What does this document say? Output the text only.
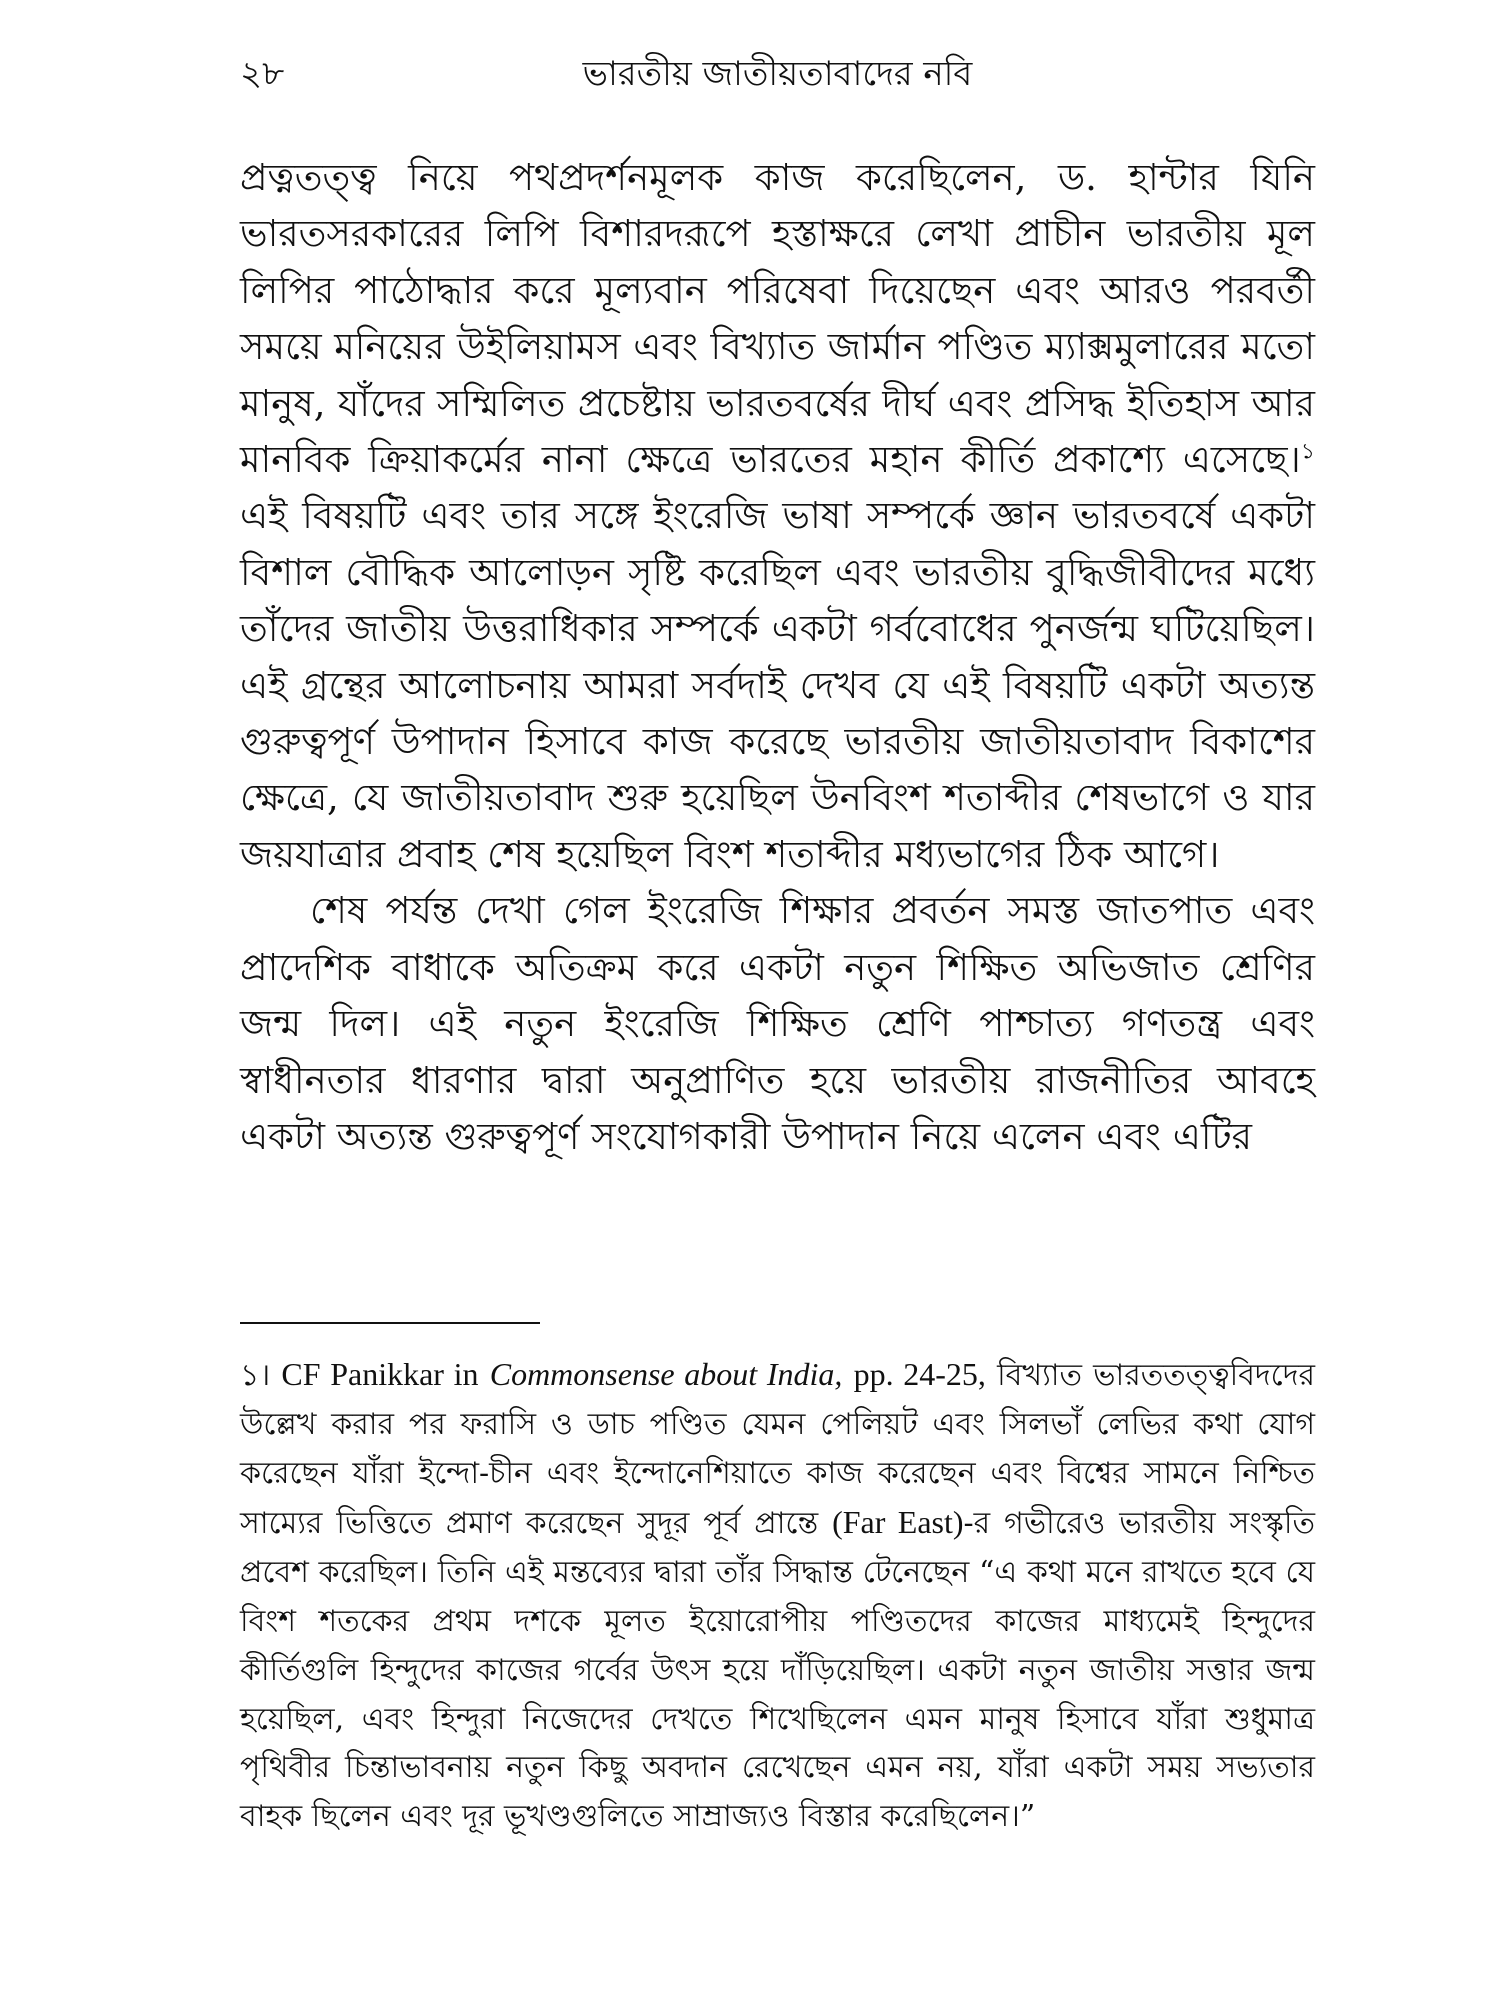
২৮	ভারতীয় জাতীয়তাবাদের নবি

প্রত্নতত্ত্ব নিয়ে পথপ্রদর্শনমূলক কাজ করেছিলেন, ড. হান্টার যিনি ভারতসরকারের লিপি বিশারদরূপে হস্তাক্ষরে লেখা প্রাচীন ভারতীয় মূল লিপির পাঠোদ্ধার করে মূল্যবান পরিষেবা দিয়েছেন এবং আরও পরবর্তী সময়ে মনিয়ের উইলিয়ামস এবং বিখ্যাত জার্মান পণ্ডিত ম্যাক্সমুলারের মতো মানুষ, যাঁদের সম্মিলিত প্রচেষ্টায় ভারতবর্ষের দীর্ঘ এবং প্রসিদ্ধ ইতিহাস আর মানবিক ক্রিয়াকর্মের নানা ক্ষেত্রে ভারতের মহান কীর্তি প্রকাশ্যে এসেছে।$^১$ এই বিষয়টি এবং তার সঙ্গে ইংরেজি ভাষা সম্পর্কে জ্ঞান ভারতবর্ষে একটা বিশাল বৌদ্ধিক আলোড়ন সৃষ্টি করেছিল এবং ভারতীয় বুদ্ধিজীবীদের মধ্যে তাঁদের জাতীয় উত্তরাধিকার সম্পর্কে একটা গর্ববোধের পুনর্জন্ম ঘটিয়েছিল। এই গ্রন্থের আলোচনায় আমরা সর্বদাই দেখব যে এই বিষয়টি একটা অত্যন্ত গুরুত্বপূর্ণ উপাদান হিসাবে কাজ করেছে ভারতীয় জাতীয়তাবাদ বিকাশের ক্ষেত্রে, যে জাতীয়তাবাদ শুরু হয়েছিল উনবিংশ শতাব্দীর শেষভাগে ও যার জয়যাত্রার প্রবাহ শেষ হয়েছিল বিংশ শতাব্দীর মধ্যভাগের ঠিক আগে।

শেষ পর্যন্ত দেখা গেল ইংরেজি শিক্ষার প্রবর্তন সমস্ত জাতপাত এবং প্রাদেশিক বাধাকে অতিক্রম করে একটা নতুন শিক্ষিত অভিজাত শ্রেণির জন্ম দিল। এই নতুন ইংরেজি শিক্ষিত শ্রেণি পাশ্চাত্য গণতন্ত্র এবং স্বাধীনতার ধারণার দ্বারা অনুপ্রাণিত হয়ে ভারতীয় রাজনীতির আবহে একটা অত্যন্ত গুরুত্বপূর্ণ সংযোগকারী উপাদান নিয়ে এলেন এবং এটির

১। CF Panikkar in Commonsense about India, pp. 24-25, বিখ্যাত ভারততত্ত্ববিদদের উল্লেখ করার পর ফরাসি ও ডাচ পণ্ডিত যেমন পেলিয়ট এবং সিলভাঁ লেভির কথা যোগ করেছেন যাঁরা ইন্দো-চীন এবং ইন্দোনেশিয়াতে কাজ করেছেন এবং বিশ্বের সামনে নিশ্চিত সাম্যের ভিত্তিতে প্রমাণ করেছেন সুদূর পূর্ব প্রান্তে (Far East)-র গভীরেও ভারতীয় সংস্কৃতি প্রবেশ করেছিল। তিনি এই মন্তব্যের দ্বারা তাঁর সিদ্ধান্ত টেনেছেন “এ কথা মনে রাখতে হবে যে বিংশ শতকের প্রথম দশকে মূলত ইয়োরোপীয় পণ্ডিতদের কাজের মাধ্যমেই হিন্দুদের কীর্তিগুলি হিন্দুদের কাজের গর্বের উৎস হয়ে দাঁড়িয়েছিল। একটা নতুন জাতীয় সত্তার জন্ম হয়েছিল, এবং হিন্দুরা নিজেদের দেখতে শিখেছিলেন এমন মানুষ হিসাবে যাঁরা শুধুমাত্র পৃথিবীর চিন্তাভাবনায় নতুন কিছু অবদান রেখেছেন এমন নয়, যাঁরা একটা সময় সভ্যতার বাহক ছিলেন এবং দূর ভূখণ্ডগুলিতে সাম্রাজ্যও বিস্তার করেছিলেন।”
